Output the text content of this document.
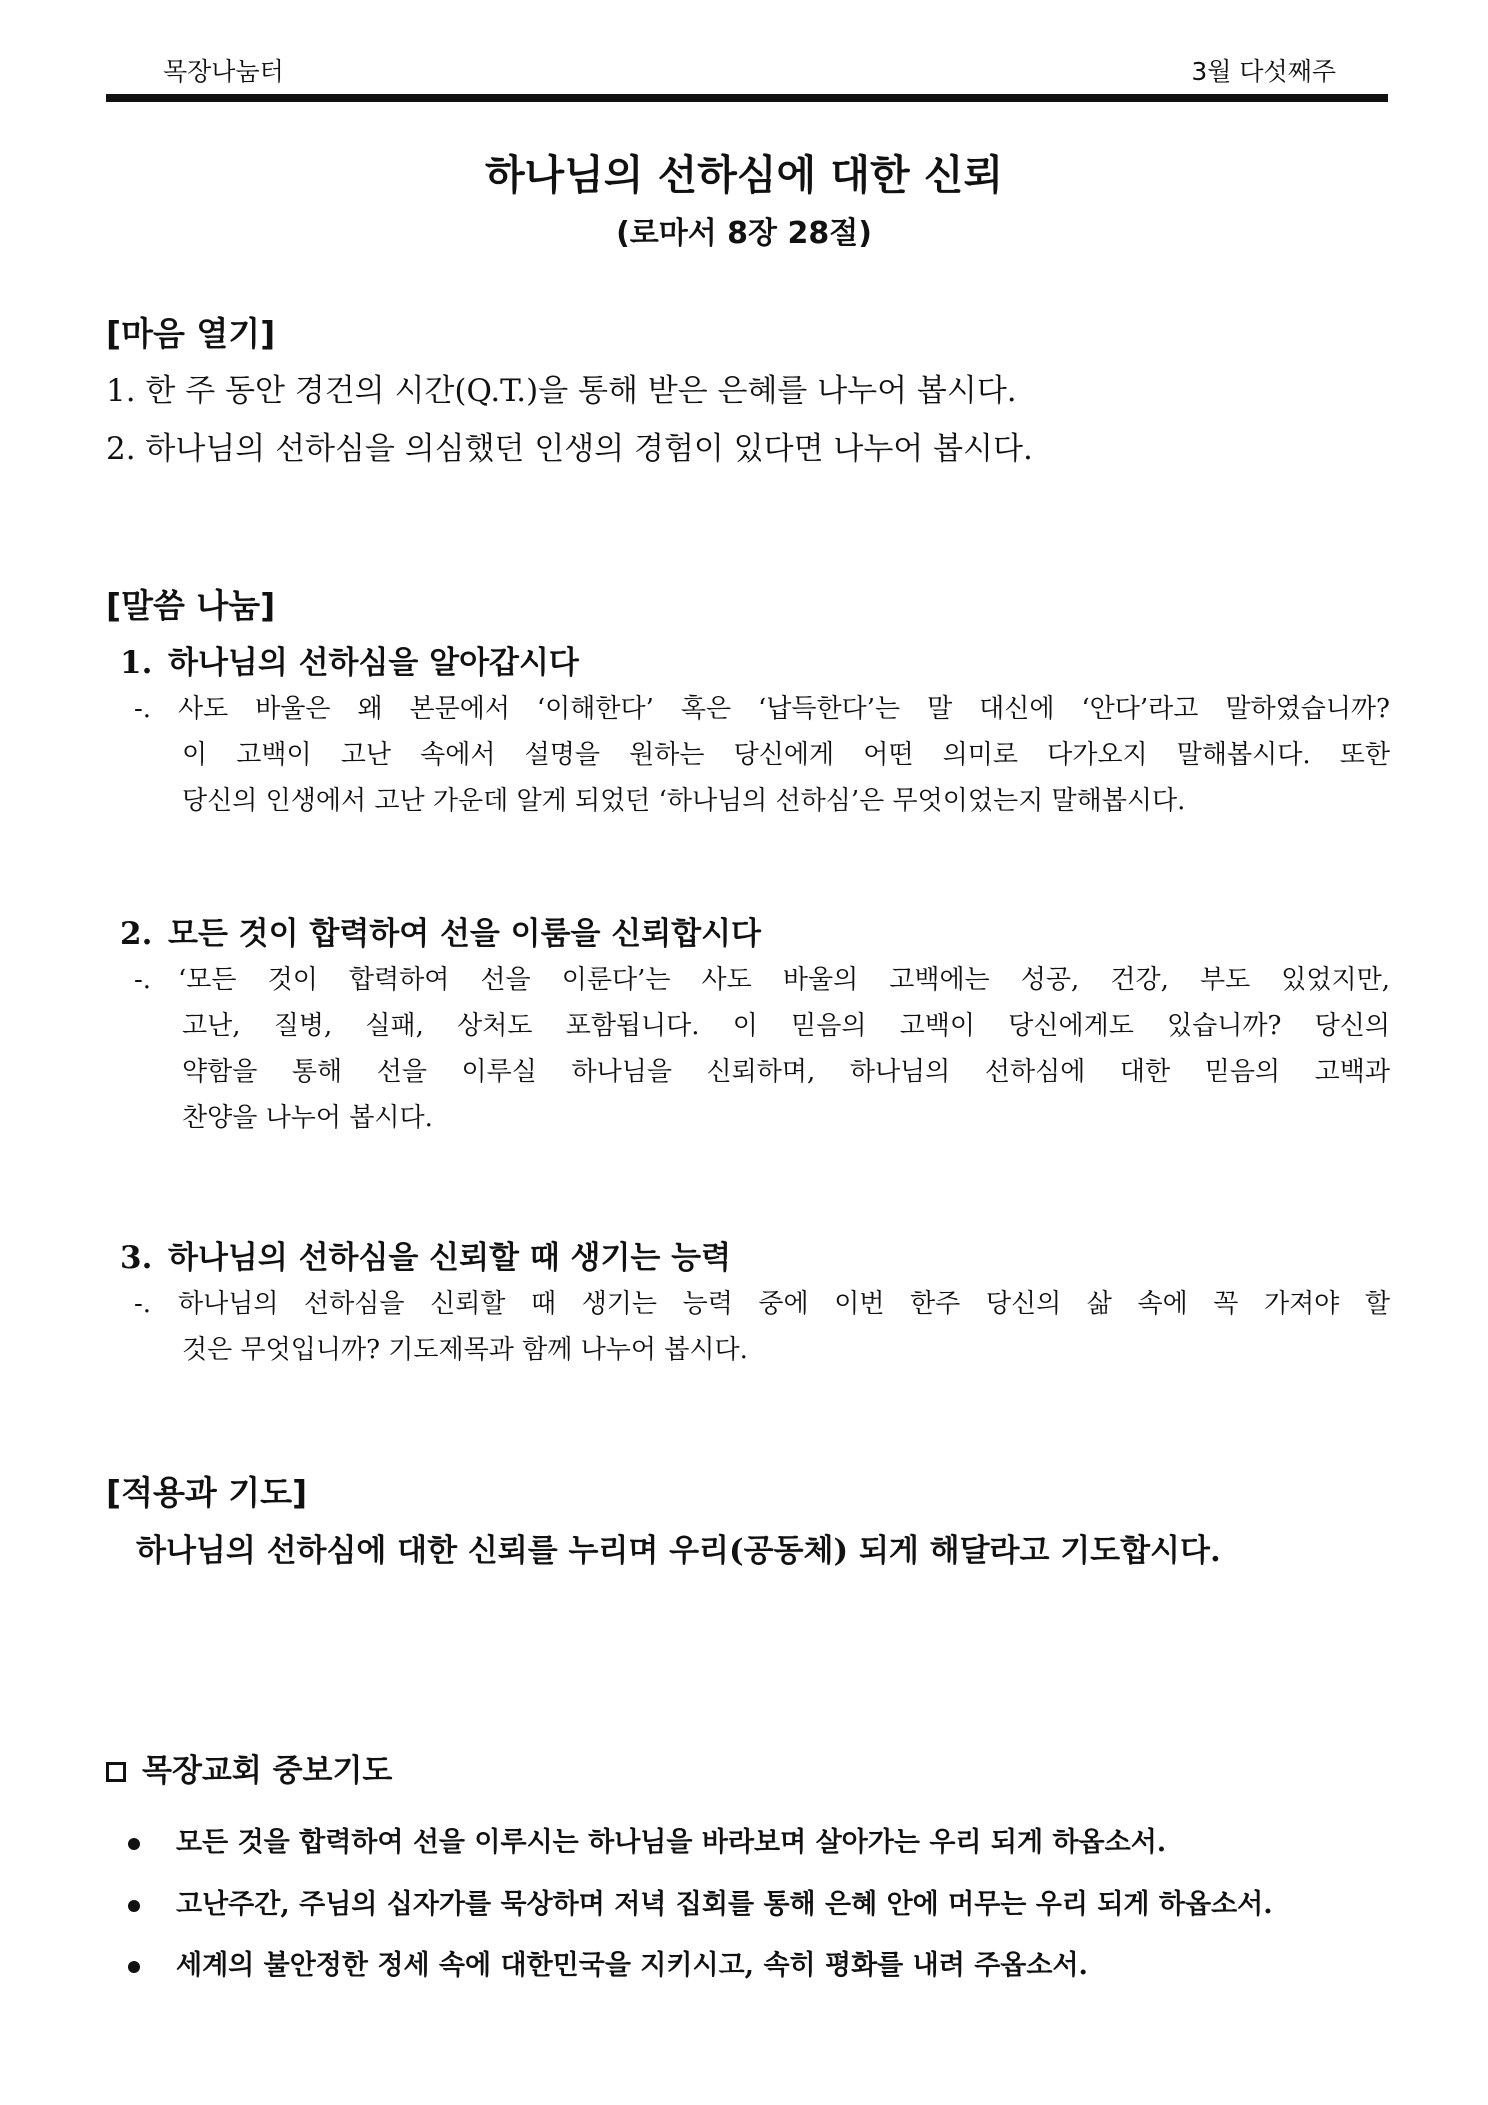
목장나눔터	3월 다섯째주
하나님의 선하심에 대한 신뢰
(로마서 8장 28절)
[마음 열기]
1. 한 주 동안 경건의 시간(Q.T.)을 통해 받은 은혜를 나누어 봅시다.
2. 하나님의 선하심을 의심했던 인생의 경험이 있다면 나누어 봅시다.
[말씀 나눔]
1. 하나님의 선하심을 알아갑시다
-. 사도 바울은 왜 본문에서 ‘이해한다’ 혹은 ‘납득한다’는 말 대신에 ‘안다’라고 말하였습니까?
이 고백이 고난 속에서 설명을 원하는 당신에게 어떤 의미로 다가오지 말해봅시다. 또한
당신의 인생에서 고난 가운데 알게 되었던 ‘하나님의 선하심’은 무엇이었는지 말해봅시다.
2. 모든 것이 합력하여 선을 이룸을 신뢰합시다
-. ‘모든 것이 합력하여 선을 이룬다’는 사도 바울의 고백에는 성공, 건강, 부도 있었지만,
고난, 질병, 실패, 상처도 포함됩니다. 이 믿음의 고백이 당신에게도 있습니까? 당신의
약함을 통해 선을 이루실 하나님을 신뢰하며, 하나님의 선하심에 대한 믿음의 고백과
찬양을 나누어 봅시다.
3. 하나님의 선하심을 신뢰할 때 생기는 능력
-. 하나님의 선하심을 신뢰할 때 생기는 능력 중에 이번 한주 당신의 삶 속에 꼭 가져야 할
것은 무엇입니까? 기도제목과 함께 나누어 봅시다.
[적용과 기도]
하나님의 선하심에 대한 신뢰를 누리며 우리(공동체) 되게 해달라고 기도합시다.
목장교회 중보기도
모든 것을 합력하여 선을 이루시는 하나님을 바라보며 살아가는 우리 되게 하옵소서.
고난주간, 주님의 십자가를 묵상하며 저녁 집회를 통해 은혜 안에 머무는 우리 되게 하옵소서.
세계의 불안정한 정세 속에 대한민국을 지키시고, 속히 평화를 내려 주옵소서.
